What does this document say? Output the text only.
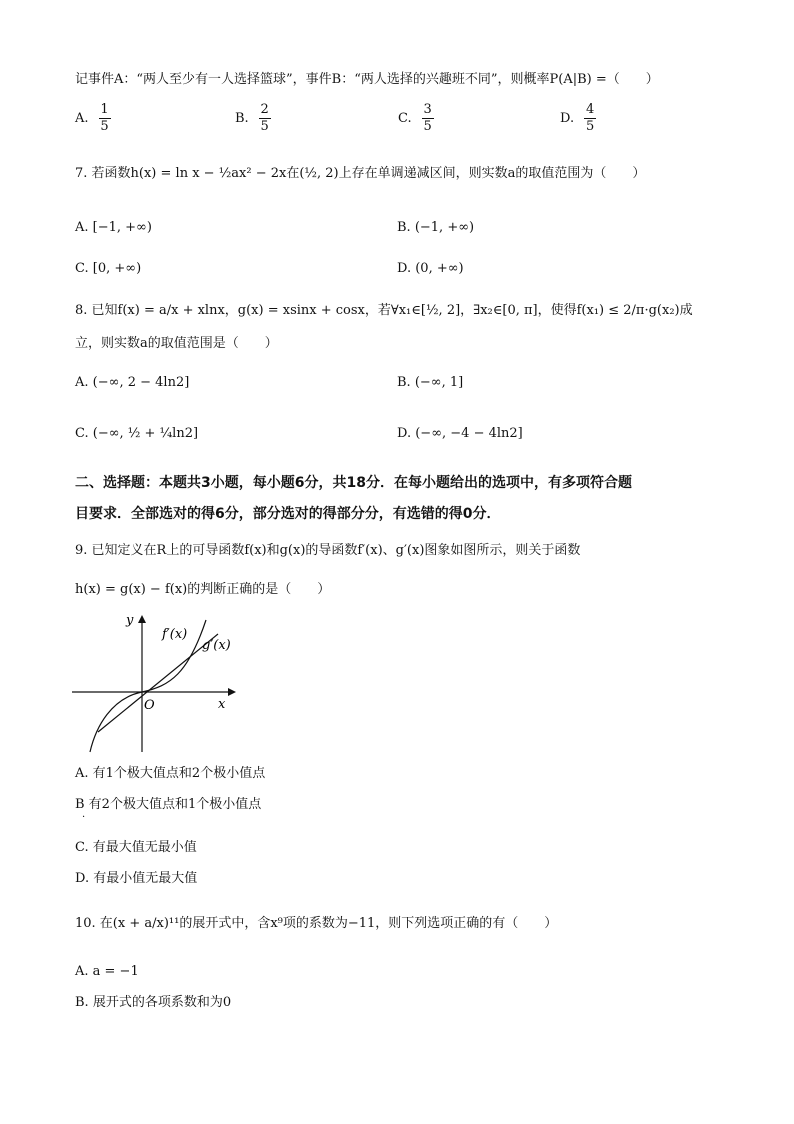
记事件A：“两人至少有一人选择篮球”，事件B：“两人选择的兴趣班不同”，则概率P(A|B) =（　　）
A. $\frac{1}{5}$	B. $\frac{2}{5}$	C. $\frac{3}{5}$	D. $\frac{4}{5}$
7. 若函数h(x) = ln x − ½ax² − 2x在(½, 2)上存在单调递减区间，则实数a的取值范围为（　　）
A. [−1, +∞)	B. (−1, +∞)
C. [0, +∞)	D. (0, +∞)
8. 已知f(x) = a/x + xlnx，g(x) = xsinx + cosx，若∀x₁∈[½, 2]，∃x₂∈[0, π]，使得f(x₁) ≤ 2/π·g(x₂)成
立，则实数a的取值范围是（　　）
A. (−∞, 2 − 4ln2]	B. (−∞, 1]
C. (−∞, ½ + ¼ln2]	D. (−∞, −4 − 4ln2]
二、选择题：本题共3小题，每小题6分，共18分．在每小题给出的选项中，有多项符合题
目要求．全部选对的得6分，部分选对的得部分分，有选错的得0分．
9. 已知定义在R上的可导函数f(x)和g(x)的导函数f′(x)、g′(x)图象如图所示，则关于函数
h(x) = g(x) − f(x)的判断正确的是（　　）
y
x
O
f′(x)
g′(x)
A. 有1个极大值点和2个极小值点
B 有2个极大值点和1个极小值点
·
C. 有最大值无最小值
D. 有最小值无最大值
10. 在(x + a/x)¹¹的展开式中，含x⁹项的系数为−11，则下列选项正确的有（　　）
A. a = −1
B. 展开式的各项系数和为0
